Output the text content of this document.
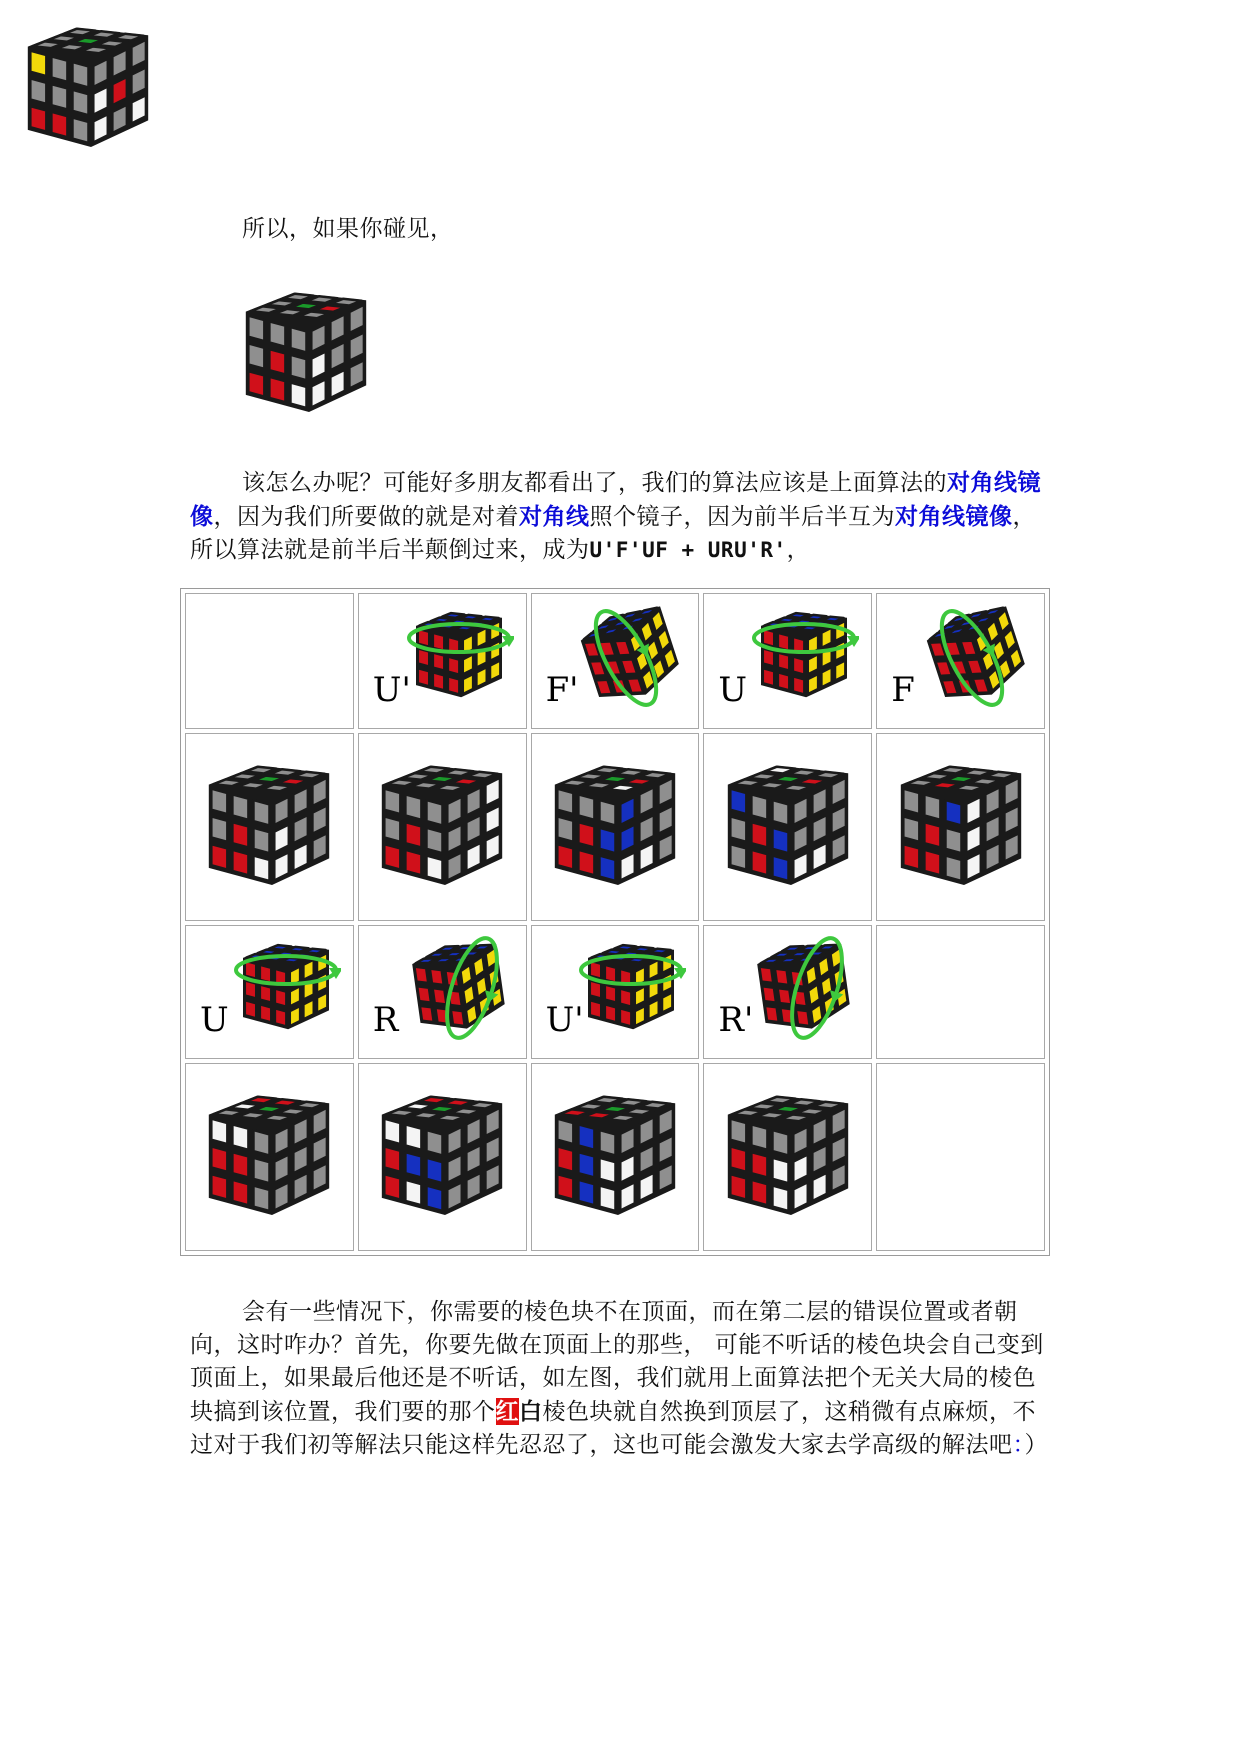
所以，如果你碰见，
该怎么办呢？可能好多朋友都看出了，我们的算法应该是上面算法的对角线镜像，因为我们所要做的就是对着对角线照个镜子，因为前半后半互为对角线镜像，所以算法就是前半后半颠倒过来，成为U'F'UF + URU'R'，

	U'	F'	U	F

U	R	U'	R'	

会有一些情况下，你需要的棱色块不在顶面，而在第二层的错误位置或者朝向，这时咋办？首先，你要先做在顶面上的那些， 可能不听话的棱色块会自己变到顶面上，如果最后他还是不听话，如左图，我们就用上面算法把个无关大局的棱色块搞到该位置，我们要的那个红白棱色块就自然换到顶层了，这稍微有点麻烦，不过对于我们初等解法只能这样先忍忍了，这也可能会激发大家去学高级的解法吧：）
